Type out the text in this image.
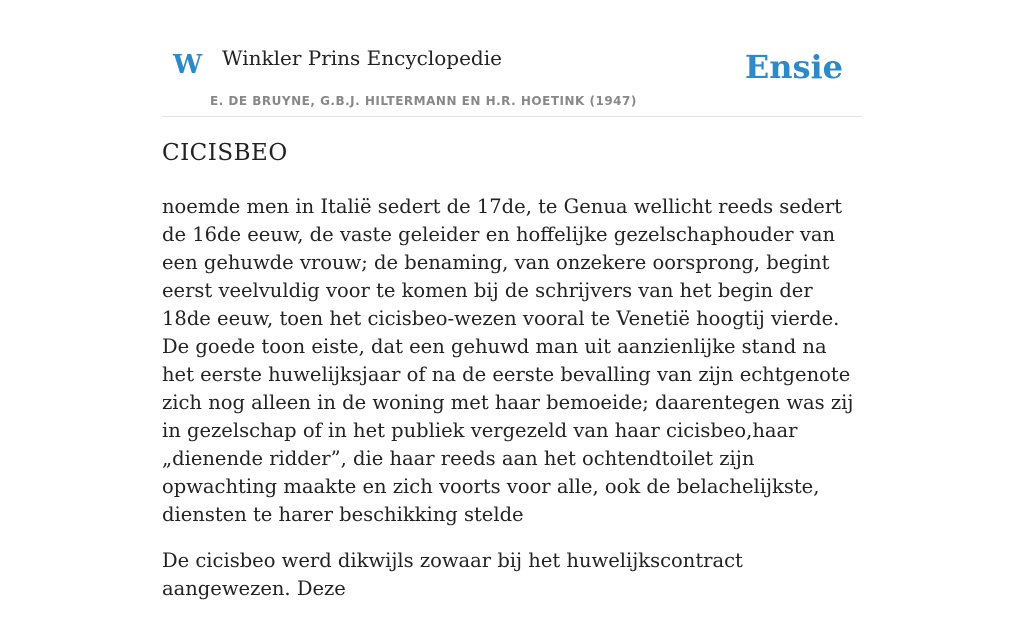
W Winkler Prins Encyclopedie
E. DE BRUYNE, G.B.J. HILTERMANN EN H.R. HOETINK (1947)
Ensie
CICISBEO

noemde men in Italië sedert de 17de, te Genua wellicht reeds sedert de 16de eeuw, de vaste geleider en hoffelijke gezelschaphouder van een gehuwde vrouw; de benaming, van onzekere oorsprong, begint eerst veelvuldig voor te komen bij de schrijvers van het begin der 18de eeuw, toen het cicisbeo-wezen vooral te Venetië hoogtij vierde. De goede toon eiste, dat een gehuwd man uit aanzienlijke stand na het eerste huwelijksjaar of na de eerste bevalling van zijn echtgenote zich nog alleen in de woning met haar bemoeide; daarentegen was zij in gezelschap of in het publiek vergezeld van haar cicisbeo,haar „dienende ridder”, die haar reeds aan het ochtendtoilet zijn opwachting maakte en zich voorts voor alle, ook de belachelijkste, diensten te harer beschikking stelde

De cicisbeo werd dikwijls zowaar bij het huwelijkscontract aangewezen. Deze
